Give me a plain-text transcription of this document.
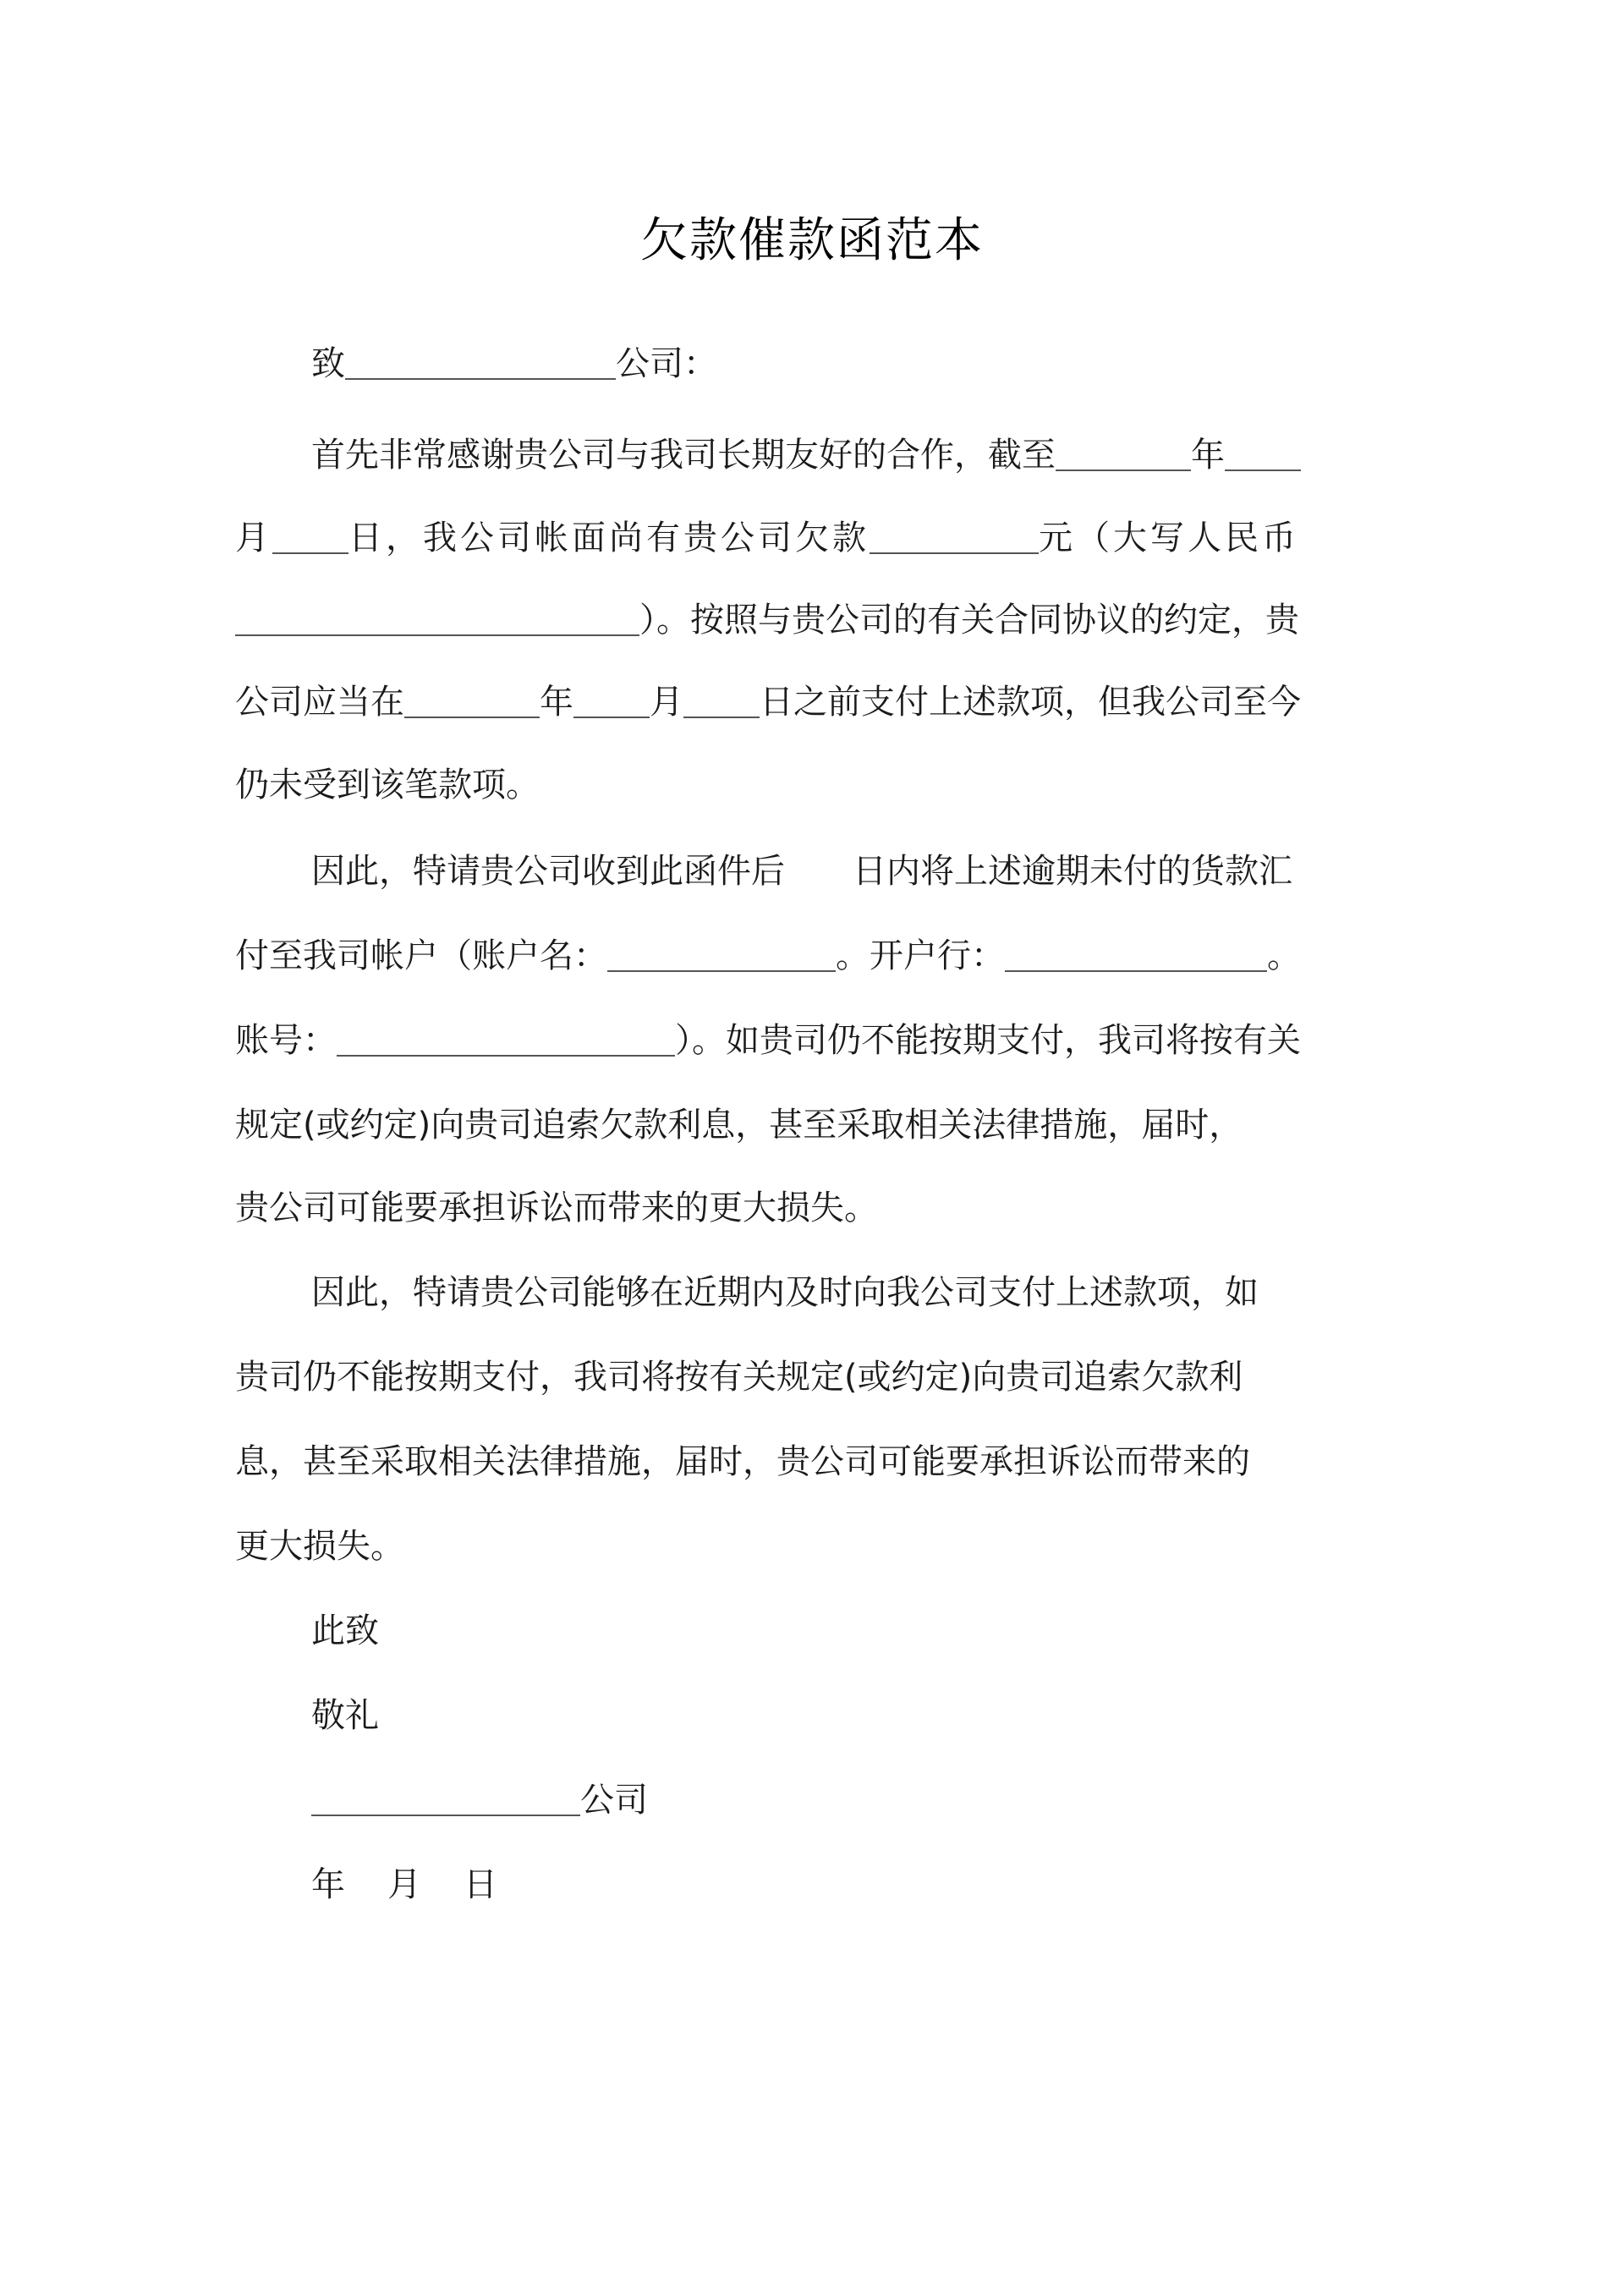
欠款催款函范本
致	公司：
首先非常感谢贵公司与我司长期友好的合作，截至	年
月 日，我公司帐面尚有贵公司欠款	元（大写人民币
）。按照与贵公司的有关合同协议的约定，贵
公司应当在	年 月 日之前支付上述款项，但我公司至今
仍未受到该笔款项。
因此，特请贵公司收到此函件后 日内将上述逾期未付的货款汇
付至我司帐户（账户名：	。开户行：	。
账号：	）。如贵司仍不能按期支付，我司将按有关
规定(或约定)向贵司追索欠款利息，甚至采取相关法律措施，届时，
贵公司可能要承担诉讼而带来的更大损失。
因此，特请贵公司能够在近期内及时向我公司支付上述款项，如
贵司仍不能按期支付，我司将按有关规定(或约定)向贵司追索欠款利
息，甚至采取相关法律措施，届时，贵公司可能要承担诉讼而带来的
更大损失。
此致
敬礼
公司
年 月 日
